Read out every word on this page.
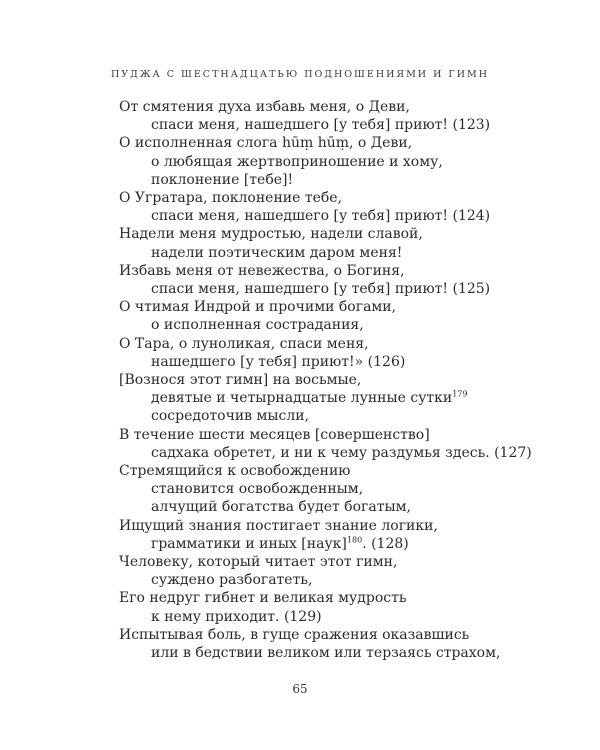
ПУДЖА С ШЕСТНАДЦАТЬЮ ПОДНОШЕНИЯМИ И ГИМН
От смятения духа избавь меня, о Деви,
спаси меня, нашедшего [у тебя] приют! (123)
О исполненная слога hūṃ hūṃ, о Деви,
о любящая жертвоприношение и хому,
поклонение [тебе]!
О Угратара, поклонение тебе,
спаси меня, нашедшего [у тебя] приют! (124)
Надели меня мудростью, надели славой,
надели поэтическим даром меня!
Избавь меня от невежества, о Богиня,
спаси меня, нашедшего [у тебя] приют! (125)
О чтимая Индрой и прочими богами,
о исполненная сострадания,
О Тара, о луноликая, спаси меня,
нашедшего [у тебя] приют!» (126)
[Вознося этот гимн] на восьмые,
девятые и четырнадцатые лунные сутки$^{179}$
сосредоточив мысли,
В течение шести месяцев [совершенство]
садхака обретет, и ни к чему раздумья здесь. (127)
Стремящийся к освобождению
становится освобожденным,
алчущий богатства будет богатым,
Ищущий знания постигает знание логики,
грамматики и иных [наук]$^{180}$. (128)
Человеку, который читает этот гимн,
суждено разбогатеть,
Его недруг гибнет и великая мудрость
к нему приходит. (129)
Испытывая боль, в гуще сражения оказавшись
или в бедствии великом или терзаясь страхом,
65
